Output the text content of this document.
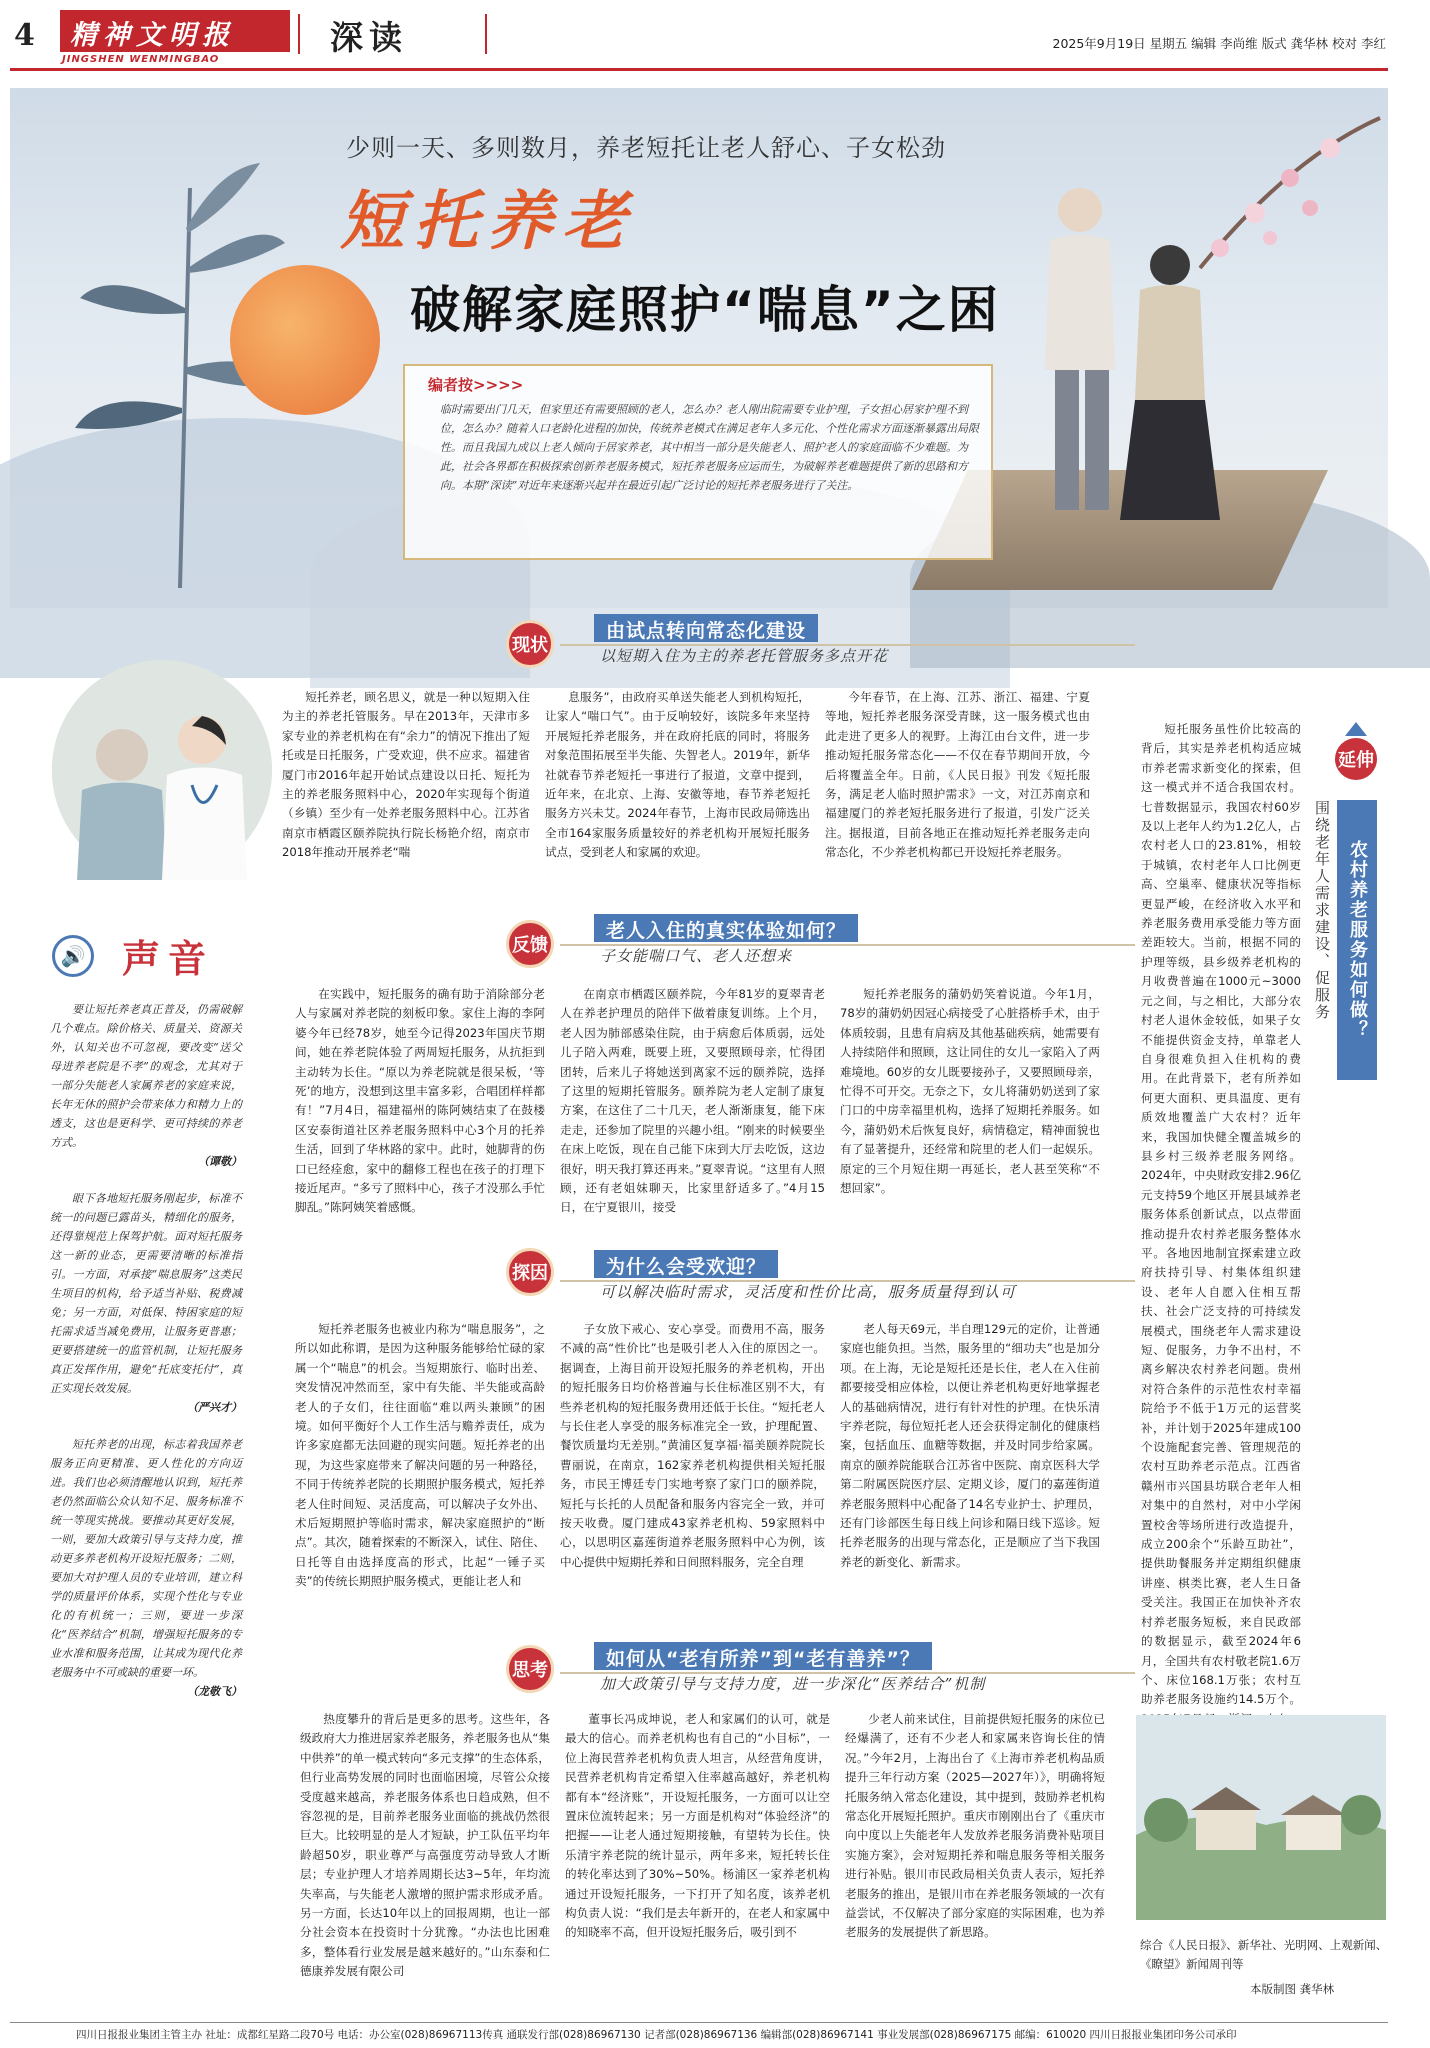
4	精神文明报
JINGSHEN WENMINGBAO
深读	2025年9月19日 星期五 编辑 李尚维 版式 龚华林 校对 李红
少则一天、多则数月，养老短托让老人舒心、子女松劲
短托养老
破解家庭照护“喘息”之困
编者按>>>>
临时需要出门几天，但家里还有需要照顾的老人，怎么办？老人刚出院需要专业护理，子女担心居家护理不到位，怎么办？随着人口老龄化进程的加快，传统养老模式在满足老年人多元化、个性化需求方面逐渐暴露出局限性。而且我国九成以上老人倾向于居家养老，其中相当一部分是失能老人、照护老人的家庭面临不少难题。为此，社会各界都在积极探索创新养老服务模式，短托养老服务应运而生，为破解养老难题提供了新的思路和方向。本期“深读”对近年来逐渐兴起并在最近引起广泛讨论的短托养老服务进行了关注。
🔊 声音

要让短托养老真正普及，仍需破解几个难点。除价格关、质量关、资源关外，认知关也不可忽视，要改变“送父母进养老院是不孝”的观念，尤其对于一部分失能老人家属养老的家庭来说，长年无休的照护会带来体力和精力上的透支，这也是更科学、更可持续的养老方式。

（谭敬）

眼下各地短托服务刚起步，标准不统一的问题已露苗头，精细化的服务，还得靠规范上保驾护航。面对短托服务这一新的业态，更需要清晰的标准指引。一方面，对承接“喘息服务”这类民生项目的机构，给予适当补贴、税费减免；另一方面，对低保、特困家庭的短托需求适当减免费用，让服务更普惠；更要搭建统一的监管机制，让短托服务真正发挥作用，避免“托底变托付”，真正实现长效发展。

（严兴才）

短托养老的出现，标志着我国养老服务正向更精准、更人性化的方向迈进。我们也必须清醒地认识到，短托养老仍然面临公众认知不足、服务标准不统一等现实挑战。要推动其更好发展，一则，要加大政策引导与支持力度，推动更多养老机构开设短托服务；二则，要加大对护理人员的专业培训，建立科学的质量评价体系，实现个性化与专业化的有机统一；三则，要进一步深化“医养结合”机制，增强短托服务的专业水准和服务范围，让其成为现代化养老服务中不可或缺的重要一环。

（龙敬飞）

现状
由试点转向常态化建设
以短期入住为主的养老托管服务多点开花

短托养老，顾名思义，就是一种以短期入住为主的养老托管服务。早在2013年，天津市多家专业的养老机构在有“余力”的情况下推出了短托或是日托服务，广受欢迎，供不应求。福建省厦门市2016年起开始试点建设以日托、短托为主的养老服务照料中心，2020年实现每个街道（乡镇）至少有一处养老服务照料中心。江苏省南京市栖霞区颐养院执行院长杨艳介绍，南京市2018年推动开展养老“喘

息服务”，由政府买单送失能老人到机构短托，让家人“喘口气”。由于反响较好，该院多年来坚持开展短托养老服务，并在政府托底的同时，将服务对象范围拓展至半失能、失智老人。2019年，新华社就春节养老短托一事进行了报道，文章中提到，近年来，在北京、上海、安徽等地，春节养老短托服务方兴未艾。2024年春节，上海市民政局筛选出全市164家服务质量较好的养老机构开展短托服务试点，受到老人和家属的欢迎。

今年春节，在上海、江苏、浙江、福建、宁夏等地，短托养老服务深受青睐，这一服务模式也由此走进了更多人的视野。上海江由台文件，进一步推动短托服务常态化——不仅在春节期间开放，今后将覆盖全年。日前，《人民日报》刊发《短托服务，满足老人临时照护需求》一文，对江苏南京和福建厦门的养老短托服务进行了报道，引发广泛关注。据报道，目前各地正在推动短托养老服务走向常态化，不少养老机构都已开设短托养老服务。

反馈
老人入住的真实体验如何？
子女能喘口气、老人还想来

在实践中，短托服务的确有助于消除部分老人与家属对养老院的刻板印象。家住上海的李阿婆今年已经78岁，她至今记得2023年国庆节期间，她在养老院体验了两周短托服务，从抗拒到主动转为长住。“原以为养老院就是很呆板，‘等死’的地方，没想到这里丰富多彩，合唱团样样都有！”7月4日，福建福州的陈阿姨结束了在鼓楼区安泰街道社区养老服务照料中心3个月的托养生活，回到了华林路的家中。此时，她脚背的伤口已经痊愈，家中的翻修工程也在孩子的打理下接近尾声。“多亏了照料中心，孩子才没那么手忙脚乱。”陈阿姨笑着感慨。

在南京市栖霞区颐养院，今年81岁的夏翠青老人在养老护理员的陪伴下做着康复训练。上个月，老人因为肺部感染住院，由于病愈后体质弱，远处儿子陪入两难，既要上班，又要照顾母亲，忙得团团转，后来儿子将她送到离家不远的颐养院，选择了这里的短期托管服务。颐养院为老人定制了康复方案，在这住了二十几天，老人渐渐康复，能下床走走，还参加了院里的兴趣小组。“刚来的时候要坐在床上吃饭，现在自己能下床到大厅去吃饭，这边很好，明天我打算还再来。”夏翠青说。“这里有人照顾，还有老姐妹聊天，比家里舒适多了。”4月15日，在宁夏银川，接受

短托养老服务的蒲奶奶笑着说道。今年1月，78岁的蒲奶奶因冠心病接受了心脏搭桥手术，由于体质较弱，且患有肩病及其他基础疾病，她需要有人持续陪伴和照顾，这让同住的女儿一家陷入了两难境地。60岁的女儿既要接孙子，又要照顾母亲，忙得不可开交。无奈之下，女儿将蒲奶奶送到了家门口的中房幸福里机构，选择了短期托养服务。如今，蒲奶奶术后恢复良好，病情稳定，精神面貌也有了显著提升，还经常和院里的老人们一起娱乐。原定的三个月短住期一再延长，老人甚至笑称“不想回家”。

探因	为什么会受欢迎？
可以解决临时需求，灵活度和性价比高，服务质量得到认可

短托养老服务也被业内称为“喘息服务”，之所以如此称谓，是因为这种服务能够给忙碌的家属一个“喘息”的机会。当短期旅行、临时出差、突发情况冲然而至，家中有失能、半失能或高龄老人的子女们，往往面临“难以两头兼顾”的困境。如何平衡好个人工作生活与赡养责任，成为许多家庭都无法回避的现实问题。短托养老的出现，为这些家庭带来了解决问题的另一种路径，不同于传统养老院的长期照护服务模式，短托养老人住时间短、灵活度高，可以解决子女外出、术后短期照护等临时需求，解决家庭照护的“断点”。其次，随着探索的不断深入，试住、陪住、日托等自由选择度高的形式，比起“一锤子买卖”的传统长期照护服务模式，更能让老人和

子女放下戒心、安心享受。而费用不高，服务不减的高“性价比”也是吸引老人入住的原因之一。据调查，上海目前开设短托服务的养老机构，开出的短托服务日均价格普遍与长住标准区别不大，有些养老机构的短托服务费用还低于长住。“短托老人与长住老人享受的服务标准完全一致，护理配置、餐饮质量均无差别。”黄浦区复享福·福美颐养院院长曹丽说，在南京，162家养老机构提供相关短托服务，市民王博廷专门实地考察了家门口的颐养院，短托与长托的人员配备和服务内容完全一致，并可按天收费。厦门建成43家养老机构、59家照料中心，以思明区嘉莲街道养老服务照料中心为例，该中心提供中短期托养和日间照料服务，完全自理

老人每天69元，半自理129元的定价，让普通家庭也能负担。当然，服务里的“细功夫”也是加分项。在上海，无论是短托还是长住，老人在入住前都要接受相应体检，以便让养老机构更好地掌握老人的基础病情况，进行有针对性的护理。在快乐清宇养老院，每位短托老人还会获得定制化的健康档案，包括血压、血糖等数据，并及时同步给家属。南京的颐养院能联合江苏省中医院、南京医科大学第二附属医院医疗层、定期义诊，厦门的嘉莲街道养老服务照料中心配备了14名专业护士、护理员，还有门诊部医生每日线上问诊和隔日线下巡诊。短托养老服务的出现与常态化，正是顺应了当下我国养老的新变化、新需求。

思考
如何从“老有所养”到“老有善养”？
加大政策引导与支持力度，进一步深化“医养结合”机制

热度攀升的背后是更多的思考。这些年，各级政府大力推进居家养老服务，养老服务也从“集中供养”的单一模式转向“多元支撑”的生态体系，但行业高势发展的同时也面临困境，尽管公众接受度越来越高，养老服务体系也日趋成熟，但不容忽视的是，目前养老服务业面临的挑战仍然很巨大。比较明显的是人才短缺，护工队伍平均年龄超50岁，职业尊严与高强度劳动导致人才断层；专业护理人才培养周期长达3~5年，年均流失率高，与失能老人激增的照护需求形成矛盾。另一方面，长达10年以上的回报周期，也让一部分社会资本在投资时十分犹豫。“办法也比困难多，整体看行业发展是越来越好的。”山东泰和仁德康养发展有限公司

董事长冯成坤说，老人和家属们的认可，就是最大的信心。而养老机构也有自己的“小目标”，一位上海民营养老机构负责人坦言，从经营角度讲，民营养老机构肯定希望入住率越高越好，养老机构都有本“经济账”，开设短托服务，一方面可以让空置床位流转起来；另一方面是机构对“体验经济”的把握——让老人通过短期接触，有望转为长住。快乐清宇养老院的统计显示，两年多来，短托转长住的转化率达到了30%~50%。杨浦区一家养老机构通过开设短托服务，一下打开了知名度，该养老机构负责人说：“我们是去年新开的，在老人和家属中的知晓率不高，但开设短托服务后，吸引到不

少老人前来试住，目前提供短托服务的床位已经爆满了，还有不少老人和家属来咨询长住的情况。”今年2月，上海出台了《上海市养老机构品质提升三年行动方案（2025—2027年）》，明确将短托服务纳入常态化建设，其中提到，鼓励养老机构常态化开展短托照护。重庆市刚刚出台了《重庆市向中度以上失能老年人发放养老服务消费补贴项目实施方案》，会对短期托养和喘息服务等相关服务进行补贴。银川市民政局相关负责人表示，短托养老服务的推出，是银川市在养老服务领域的一次有益尝试，不仅解决了部分家庭的实际困难，也为养老服务的发展提供了新思路。

延伸
农村养老服务如何做？
围绕老年人需求建设、促服务

短托服务虽性价比较高的背后，其实是养老机构适应城市养老需求新变化的探索，但这一模式并不适合我国农村。七普数据显示，我国农村60岁及以上老年人约为1.2亿人，占农村老人口的23.81%，相较于城镇，农村老年人口比例更高、空巢率、健康状况等指标更显严峻，在经济收入水平和养老服务费用承受能力等方面差距较大。当前，根据不同的护理等级，县乡级养老机构的月收费普遍在1000元~3000元之间，与之相比，大部分农村老人退休金较低，如果子女不能提供资金支持，单靠老人自身很难负担入住机构的费用。在此背景下，老有所养如何更大面积、更具温度、更有质效地覆盖广大农村？近年来，我国加快健全覆盖城乡的县乡村三级养老服务网络。2024年，中央财政安排2.96亿元支持59个地区开展县域养老服务体系创新试点，以点带面推动提升农村养老服务整体水平。各地因地制宜探索建立政府扶持引导、村集体组织建设、老年人自愿入住相互帮扶、社会广泛支持的可持续发展模式，围绕老年人需求建设短、促服务，力争不出村，不离乡解决农村养老问题。贵州对符合条件的示范性农村幸福院给予不低于1万元的运营奖补，并计划于2025年建成100个设施配套完善、管理规范的农村互助养老示范点。江西省赣州市兴国县坊联合老年人相对集中的自然村，对中小学闲置校舍等场所进行改造提升，成立200余个“乐龄互助社”，提供助餐服务并定期组织健康讲座、棋类比赛，老人生日备受关注。我国正在加快补齐农村养老服务短板，来自民政部的数据显示，截至2024年6月，全国共有农村敬老院1.6万个、床位168.1万张；农村互助养老服务设施约14.5万个。

综合《人民日报》、新华社、光明网、上观新闻、《瞭望》新闻周刊等
本版制图 龚华林
四川日报报业集团主管主办 社址：成都红星路二段70号 电话：办公室(028)86967113传真 通联发行部(028)86967130 记者部(028)86967136 编辑部(028)86967141 事业发展部(028)86967175 邮编：610020 四川日报报业集团印务公司承印
